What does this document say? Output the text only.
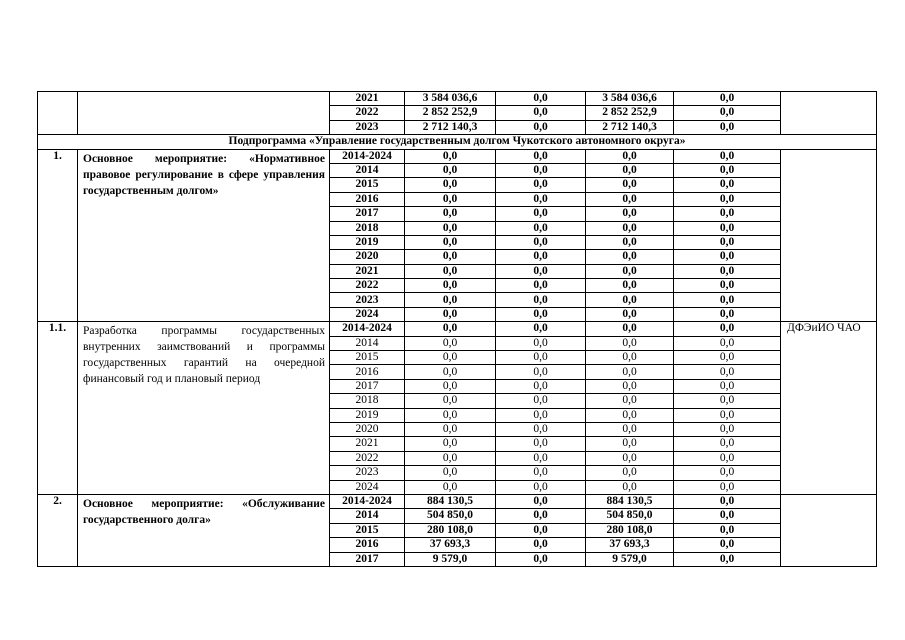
		2021	3 584 036,6	0,0	3 584 036,6	0,0	
		2022	2 852 252,9	0,0	2 852 252,9	0,0	
		2023	2 712 140,3	0,0	2 712 140,3	0,0	
Подпрограмма «Управление государственным долгом Чукотского автономного округа»							
1.	Основное мероприятие: «Нормативное правовое регулирование в сфере управления государственным долгом»	2014-2024	0,0	0,0	0,0	0,0	
		2014	0,0	0,0	0,0	0,0	
		2015	0,0	0,0	0,0	0,0	
		2016	0,0	0,0	0,0	0,0	
		2017	0,0	0,0	0,0	0,0	
		2018	0,0	0,0	0,0	0,0	
		2019	0,0	0,0	0,0	0,0	
		2020	0,0	0,0	0,0	0,0	
		2021	0,0	0,0	0,0	0,0	
		2022	0,0	0,0	0,0	0,0	
		2023	0,0	0,0	0,0	0,0	
		2024	0,0	0,0	0,0	0,0	
1.1.	Разработка программы государственных внутренних заимствований и программы государственных гарантий на очередной финансовый год и плановый период	2014-2024	0,0	0,0	0,0	0,0	ДФЭиИО ЧАО
		2014	0,0	0,0	0,0	0,0	
		2015	0,0	0,0	0,0	0,0	
		2016	0,0	0,0	0,0	0,0	
		2017	0,0	0,0	0,0	0,0	
		2018	0,0	0,0	0,0	0,0	
		2019	0,0	0,0	0,0	0,0	
		2020	0,0	0,0	0,0	0,0	
		2021	0,0	0,0	0,0	0,0	
		2022	0,0	0,0	0,0	0,0	
		2023	0,0	0,0	0,0	0,0	
		2024	0,0	0,0	0,0	0,0	
2.	Основное мероприятие: «Обслуживание государственного долга»	2014-2024	884 130,5	0,0	884 130,5	0,0	
		2014	504 850,0	0,0	504 850,0	0,0	
		2015	280 108,0	0,0	280 108,0	0,0	
		2016	37 693,3	0,0	37 693,3	0,0	
		2017	9 579,0	0,0	9 579,0	0,0	
